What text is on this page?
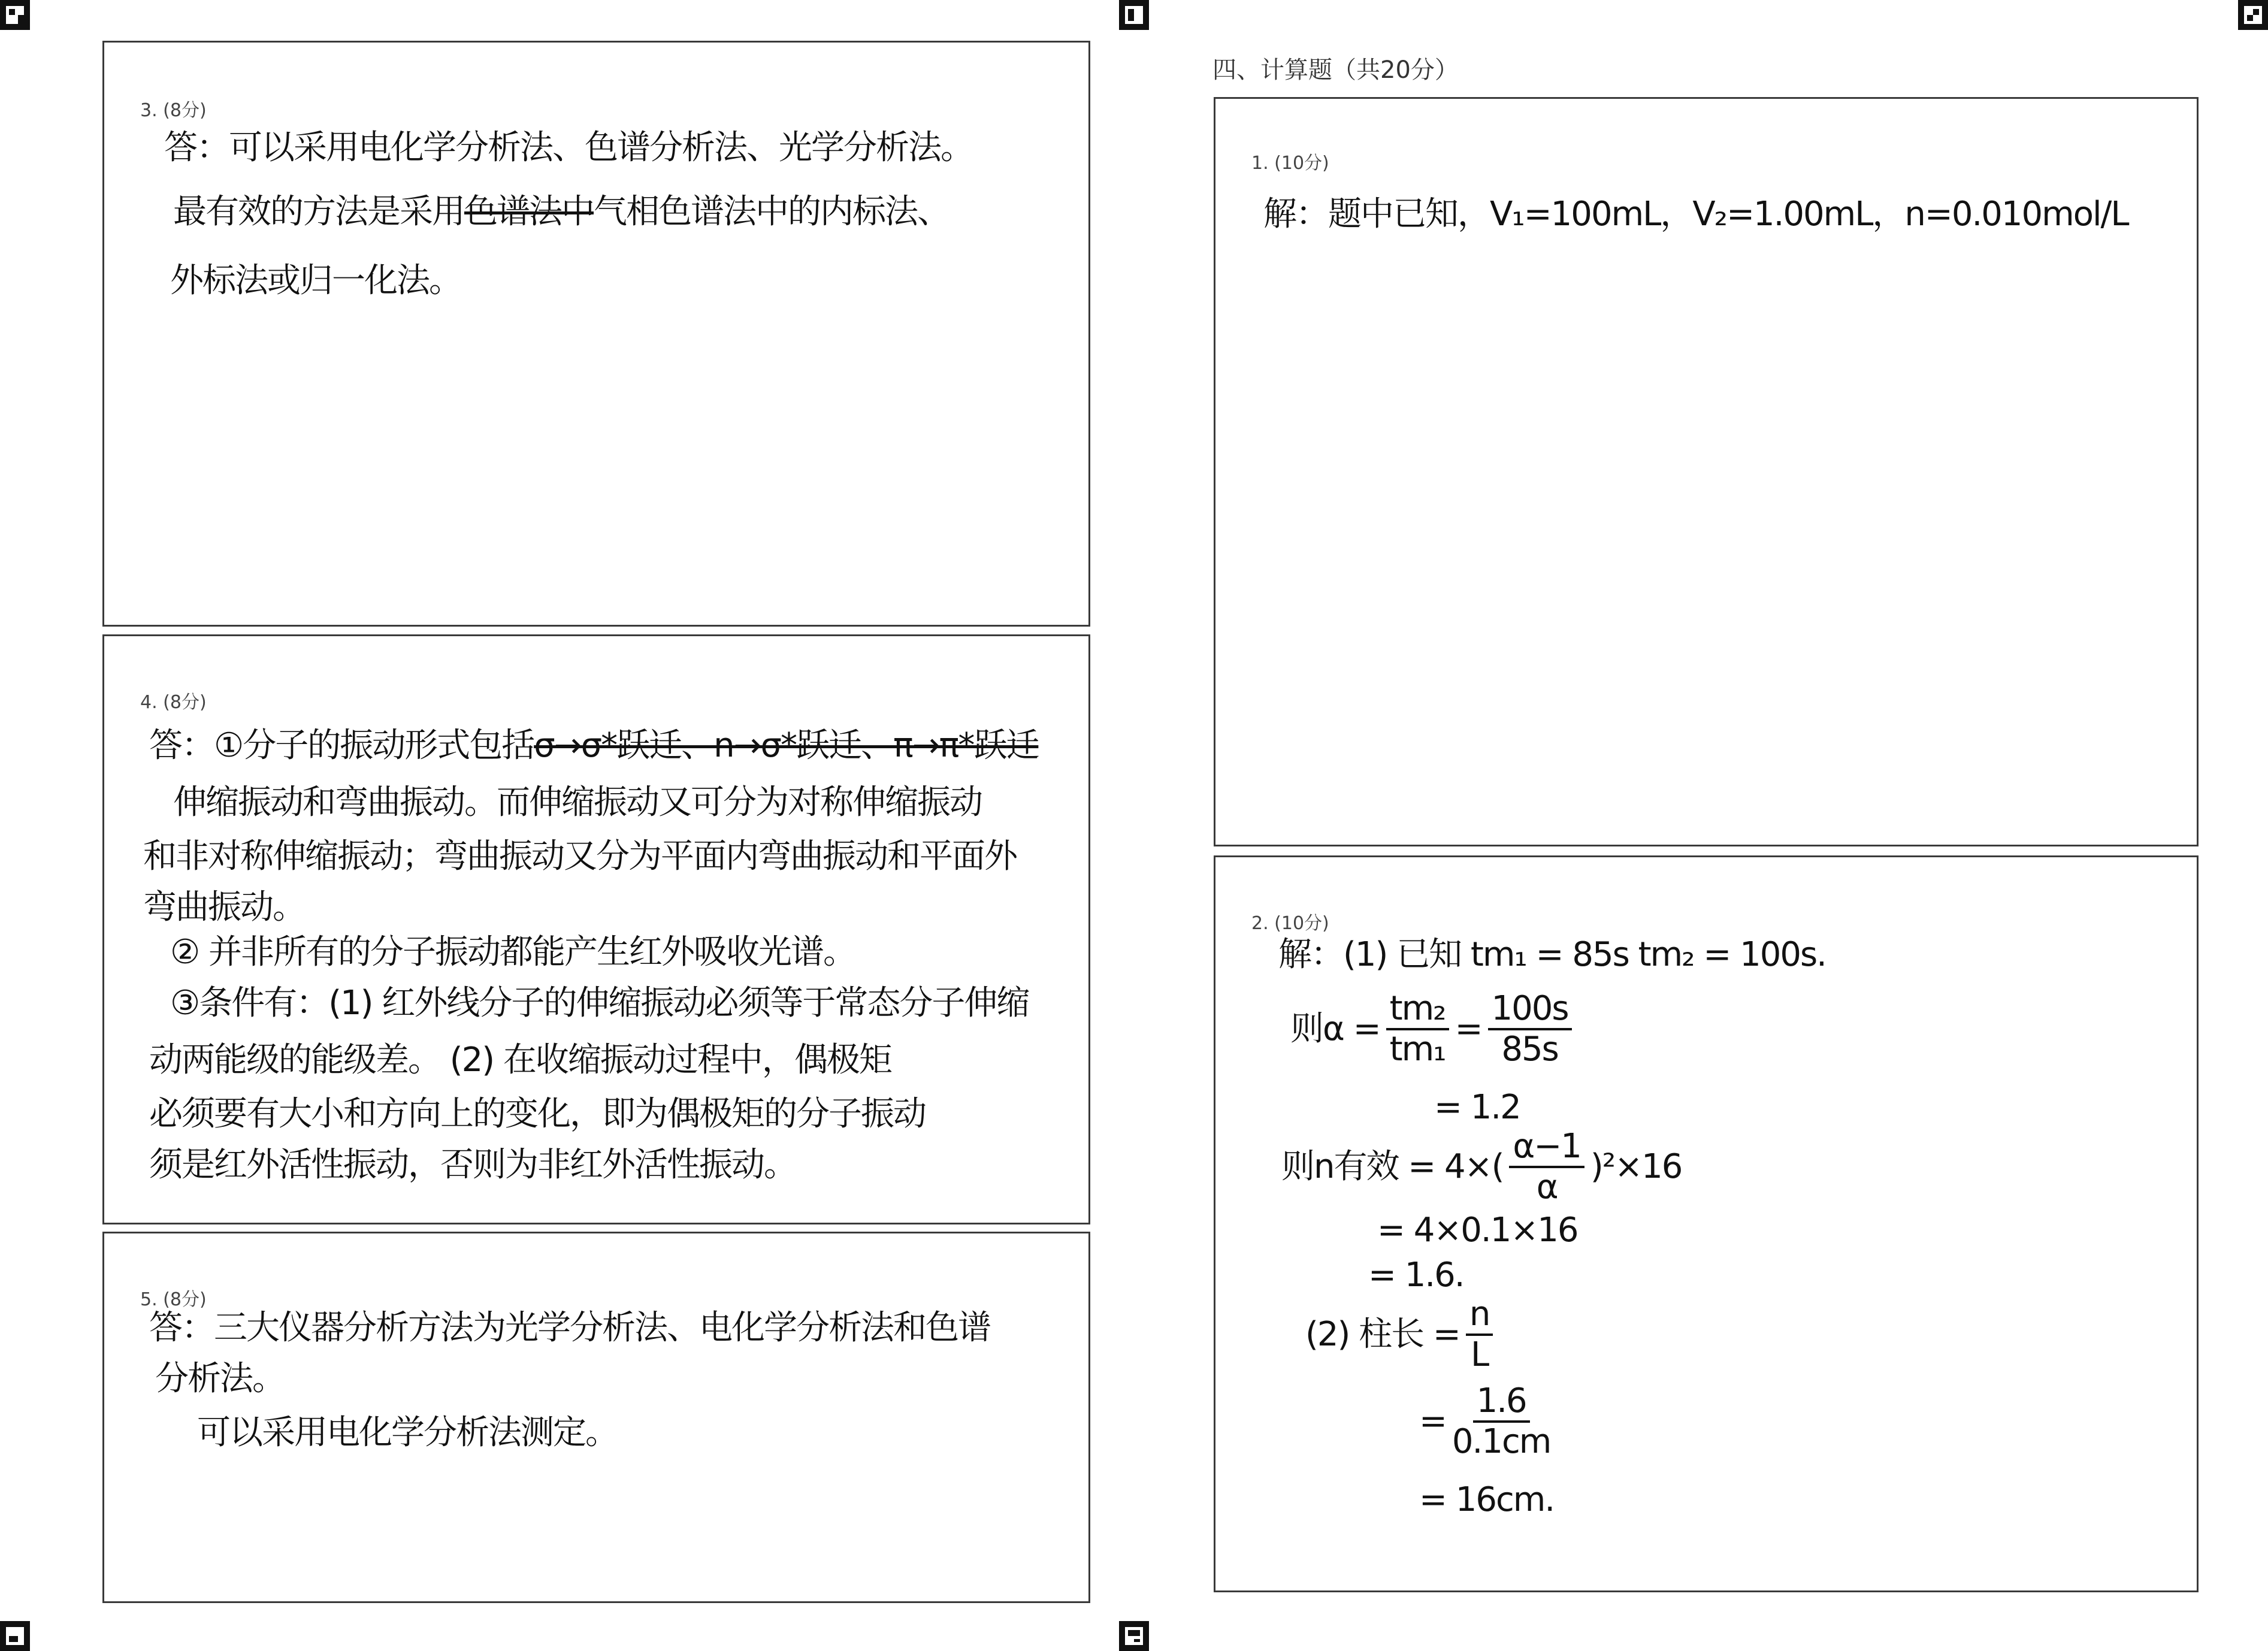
3. (8分)
答：可以采用电化学分析法、色谱分析法、光学分析法。
最有效的方法是采用色谱法中气相色谱法中的内标法、
外标法或归一化法。
4. (8分)
答：①分子的振动形式包括σ→σ*跃迁、n→σ*跃迁、π→π*跃迁
伸缩振动和弯曲振动。而伸缩振动又可分为对称伸缩振动
和非对称伸缩振动；弯曲振动又分为平面内弯曲振动和平面外
弯曲振动。
② 并非所有的分子振动都能产生红外吸收光谱。
③条件有：(1) 红外线分子的伸缩振动必须等于常态分子伸缩
动两能级的能级差。 (2) 在收缩振动过程中，偶极矩
必须要有大小和方向上的变化，即为偶极矩的分子振动
须是红外活性振动，否则为非红外活性振动。
5. (8分)
答：三大仪器分析方法为光学分析法、电化学分析法和色谱
分析法。
可以采用电化学分析法测定。
四、计算题（共20分）
1. (10分)
解：题中已知，V₁=100mL，V₂=1.00mL，n=0.010mol/L
2. (10分)
解：(1) 已知 tm₁ = 85s tm₂ = 100s.
则$\alpha = \frac{\text{tm₂}}{\text{tm₁}} = \frac{100s}{85s}$
= 1.2
则n有效 = $4\times( \frac{\alpha-1}{\alpha} )^2\times 16$
= 4×0.1×16
= 1.6.
(2) 柱长 = $\frac{n}{L}$
= $\frac{1.6}{0.1cm}$
= 16cm.
